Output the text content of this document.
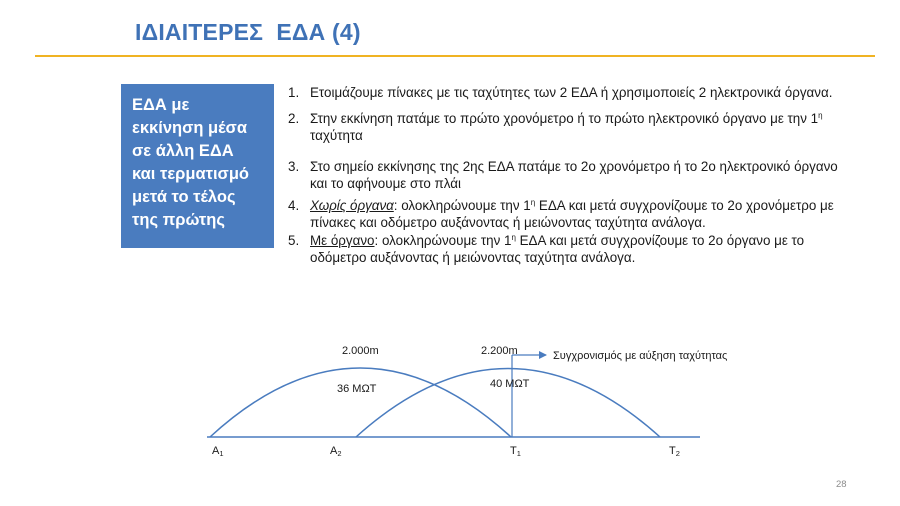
ΙΔΙΑΙΤΕΡΕΣ  ΕΔΑ (4)
ΕΔΑ με
εκκίνηση μέσα
σε άλλη ΕΔΑ
και τερματισμό
μετά το τέλος
της πρώτης
1. Ετοιμάζουμε πίνακες με τις ταχύτητες των 2 ΕΔΑ ή χρησιμοποιείς 2 ηλεκτρονικά όργανα.
2. Στην εκκίνηση πατάμε το πρώτο χρονόμετρο ή το πρώτο ηλεκτρονικό όργανο με την $1^\eta$ ταχύτητα
3. Στο σημείο εκκίνησης της 2ης ΕΔΑ πατάμε το 2ο χρονόμετρο ή το 2ο ηλεκτρονικό όργανο και το αφήνουμε στο πλάι
4. Χωρίς όργανα: ολοκληρώνουμε την $1^\eta$ ΕΔΑ και μετά συγχρονίζουμε το 2ο χρονόμετρο με πίνακες και οδόμετρο αυξάνοντας ή μειώνοντας ταχύτητα ανάλογα.
5. Με όργανο: ολοκληρώνουμε την $1^\eta$ ΕΔΑ και μετά συγχρονίζουμε το 2ο όργανο με το οδόμετρο αυξάνοντας ή μειώνοντας ταχύτητα ανάλογα.
2.000m
36 ΜΩΤ
2.200m
40 ΜΩΤ
Συγχρονισμός με αύξηση ταχύτητας
A1	A2	T1	T2
28
